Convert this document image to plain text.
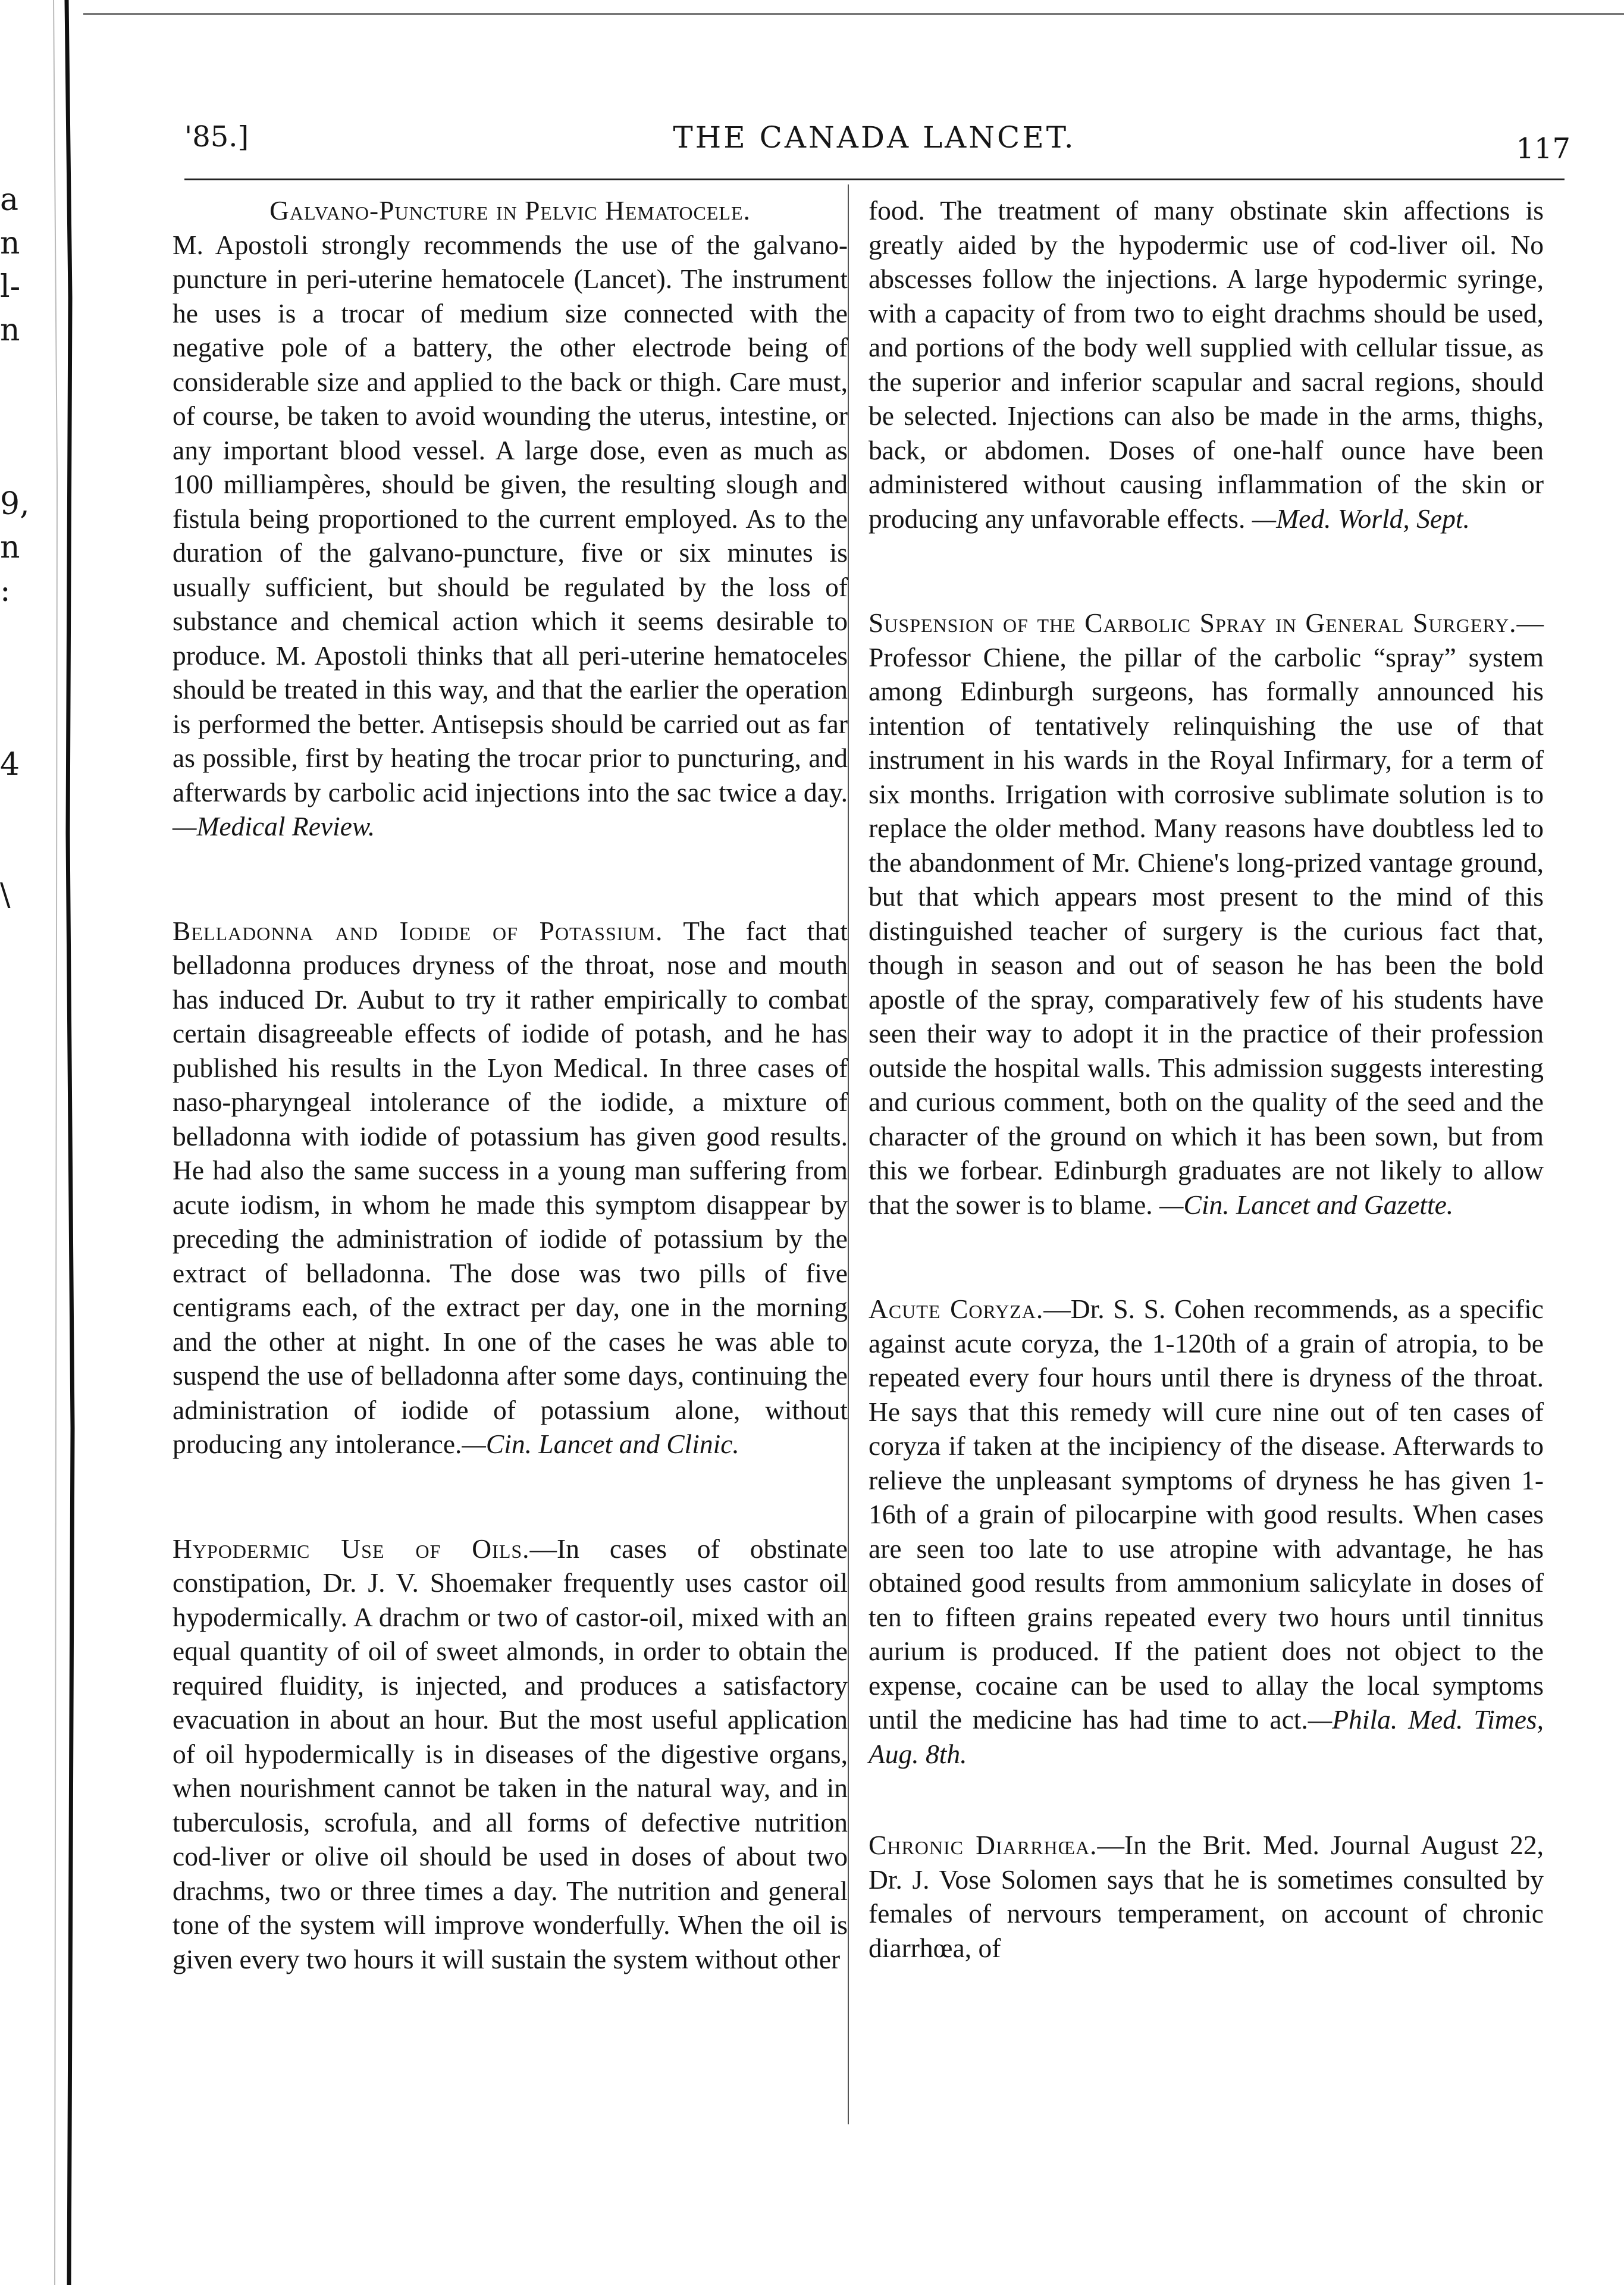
a
n
l-
n

9,
n
:

4

\
'85.]	THE CANADA LANCET.	117
Galvano-Puncture in Pelvic Hematocele.

M. Apostoli strongly recommends the use of the galvano-puncture in peri-uterine hematocele (Lancet). The instrument he uses is a trocar of medium size connected with the negative pole of a battery, the other electrode being of considerable size and applied to the back or thigh. Care must, of course, be taken to avoid wounding the uterus, intestine, or any important blood vessel. A large dose, even as much as 100 milliampères, should be given, the resulting slough and fistula being proportioned to the current employed. As to the duration of the galvano-puncture, five or six minutes is usually sufficient, but should be regulated by the loss of substance and chemical action which it seems desirable to produce. M. Apostoli thinks that all peri-uterine hematoceles should be treated in this way, and that the earlier the operation is performed the better. Antisepsis should be carried out as far as possible, first by heating the trocar prior to puncturing, and afterwards by carbolic acid injections into the sac twice a day. —Medical Review.

Belladonna and Iodide of Potassium. The fact that belladonna produces dryness of the throat, nose and mouth has induced Dr. Aubut to try it rather empirically to combat certain disagreeable effects of iodide of potash, and he has published his results in the Lyon Medical. In three cases of naso-pharyngeal intolerance of the iodide, a mixture of belladonna with iodide of potassium has given good results. He had also the same success in a young man suffering from acute iodism, in whom he made this symptom disappear by preceding the administration of iodide of potassium by the extract of belladonna. The dose was two pills of five centigrams each, of the extract per day, one in the morning and the other at night. In one of the cases he was able to suspend the use of belladonna after some days, continuing the administration of iodide of potassium alone, without producing any intolerance.—Cin. Lancet and Clinic.

Hypodermic Use of Oils.—In cases of obstinate constipation, Dr. J. V. Shoemaker frequently uses castor oil hypodermically. A drachm or two of castor-oil, mixed with an equal quantity of oil of sweet almonds, in order to obtain the required fluidity, is injected, and produces a satisfactory evacuation in about an hour. But the most useful application of oil hypodermically is in diseases of the digestive organs, when nourishment cannot be taken in the natural way, and in tuberculosis, scrofula, and all forms of defective nutrition cod-liver or olive oil should be used in doses of about two drachms, two or three times a day. The nutrition and general tone of the system will improve wonderfully. When the oil is given every two hours it will sustain the system without other

food. The treatment of many obstinate skin affections is greatly aided by the hypodermic use of cod-liver oil. No abscesses follow the injections. A large hypodermic syringe, with a capacity of from two to eight drachms should be used, and portions of the body well supplied with cellular tissue, as the superior and inferior scapular and sacral regions, should be selected. Injections can also be made in the arms, thighs, back, or abdomen. Doses of one-half ounce have been administered without causing inflammation of the skin or producing any unfavorable effects. —Med. World, Sept.

Suspension of the Carbolic Spray in General Surgery.—Professor Chiene, the pillar of the carbolic “spray” system among Edinburgh surgeons, has formally announced his intention of tentatively relinquishing the use of that instrument in his wards in the Royal Infirmary, for a term of six months. Irrigation with corrosive sublimate solution is to replace the older method. Many reasons have doubtless led to the abandonment of Mr. Chiene's long-prized vantage ground, but that which appears most present to the mind of this distinguished teacher of surgery is the curious fact that, though in season and out of season he has been the bold apostle of the spray, comparatively few of his students have seen their way to adopt it in the practice of their profession outside the hospital walls. This admission suggests interesting and curious comment, both on the quality of the seed and the character of the ground on which it has been sown, but from this we forbear. Edinburgh graduates are not likely to allow that the sower is to blame. —Cin. Lancet and Gazette.

Acute Coryza.—Dr. S. S. Cohen recommends, as a specific against acute coryza, the 1-120th of a grain of atropia, to be repeated every four hours until there is dryness of the throat. He says that this remedy will cure nine out of ten cases of coryza if taken at the incipiency of the disease. Afterwards to relieve the unpleasant symptoms of dryness he has given 1-16th of a grain of pilocarpine with good results. When cases are seen too late to use atropine with advantage, he has obtained good results from ammonium salicylate in doses of ten to fifteen grains repeated every two hours until tinnitus aurium is produced. If the patient does not object to the expense, cocaine can be used to allay the local symptoms until the medicine has had time to act.—Phila. Med. Times, Aug. 8th.

Chronic Diarrhœa.—In the Brit. Med. Journal August 22, Dr. J. Vose Solomen says that he is sometimes consulted by females of nervours temperament, on account of chronic diarrhœa, of
